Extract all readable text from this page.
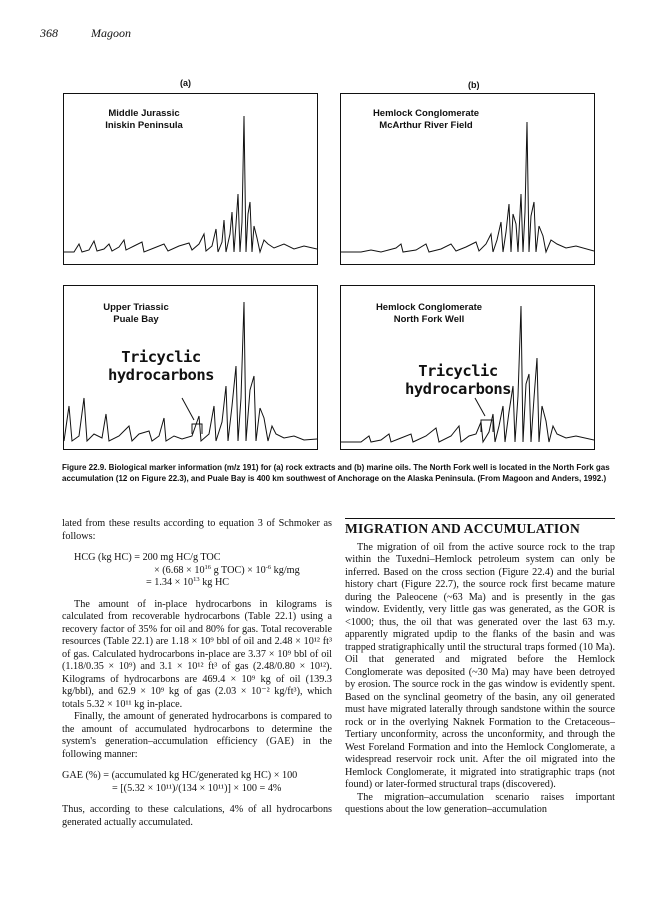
368	Magoon
(a)	(b)
Middle Jurassic
Iniskin Peninsula
Hemlock Conglomerate
McArthur River Field
Upper Triassic
Puale Bay
Tricyclic
hydrocarbons
Hemlock Conglomerate
North Fork Well
Tricyclic
hydrocarbons
Figure 22.9. Biological marker information (m/z 191) for (a) rock extracts and (b) marine oils. The North Fork well is located in the North Fork gas accumulation (12 on Figure 22.3), and Puale Bay is 400 km southwest of Anchorage on the Alaska Peninsula. (From Magoon and Anders, 1992.)

lated from these results according to equation 3 of Schmoker as follows:

HCG (kg HC) = 200 mg HC/g TOC
× ($6.68 \times 10^{16}$ g $TOC) \times 10^{-6}$ kg/mg
= $1.34 \times 10^{13}$ kg HC

The amount of in-place hydrocarbons in kilograms is calculated from recoverable hydrocarbons (Table 22.1) using a recovery factor of 35% for oil and 80% for gas. Total recoverable resources (Table 22.1) are 1.18 × 10⁹ bbl of oil and 2.48 × 10¹² ft³ of gas. Calculated hydrocarbons in-place are 3.37 × 10⁹ bbl of oil (1.18/0.35 × 10⁹) and 3.1 × 10¹² ft³ of gas (2.48/0.80 × 10¹²). Kilograms of hydrocarbons are 469.4 × 10⁹ kg of oil (139.3 kg/bbl), and 62.9 × 10⁹ kg of gas (2.03 × 10⁻² kg/ft³), which totals 5.32 × 10¹¹ kg in-place.

Finally, the amount of generated hydrocarbons is compared to the amount of accumulated hydrocarbons to determine the system's generation–accumulation efficiency (GAE) in the following manner:

GAE (%) = (accumulated kg HC/generated kg HC) × 100
= [(5.32 × 10¹¹)/(134 × 10¹¹)] × 100 = 4%

Thus, according to these calculations, 4% of all hydrocarbons generated actually accumulated.

MIGRATION AND ACCUMULATION

The migration of oil from the active source rock to the trap within the Tuxedni–Hemlock petroleum system can only be inferred. Based on the cross section (Figure 22.4) and the burial history chart (Figure 22.7), the source rock first became mature during the Paleocene (~63 Ma) and is presently in the gas window. Evidently, very little gas was generated, as the GOR is <1000; thus, the oil that was generated over the last 63 m.y. apparently migrated updip to the flanks of the basin and was trapped stratigraphically until the structural traps formed (10 Ma). Oil that generated and migrated before the Hemlock Conglomerate was deposited (~30 Ma) may have been detroyed by erosion. The source rock in the gas window is evidently spent. Based on the synclinal geometry of the basin, any oil generated must have migrated laterally through sandstone within the source rock or in the overlying Naknek Formation to the Cretaceous–Tertiary unconformity, across the unconformity, and through the West Foreland Formation and into the Hemlock Conglomerate, a widespread reservoir rock unit. After the oil migrated into the Hemlock Conglomerate, it migrated into stratigraphic traps (not found) or later-formed structural traps (discovered).

The migration–accumulation scenario raises important questions about the low generation–accumulation
